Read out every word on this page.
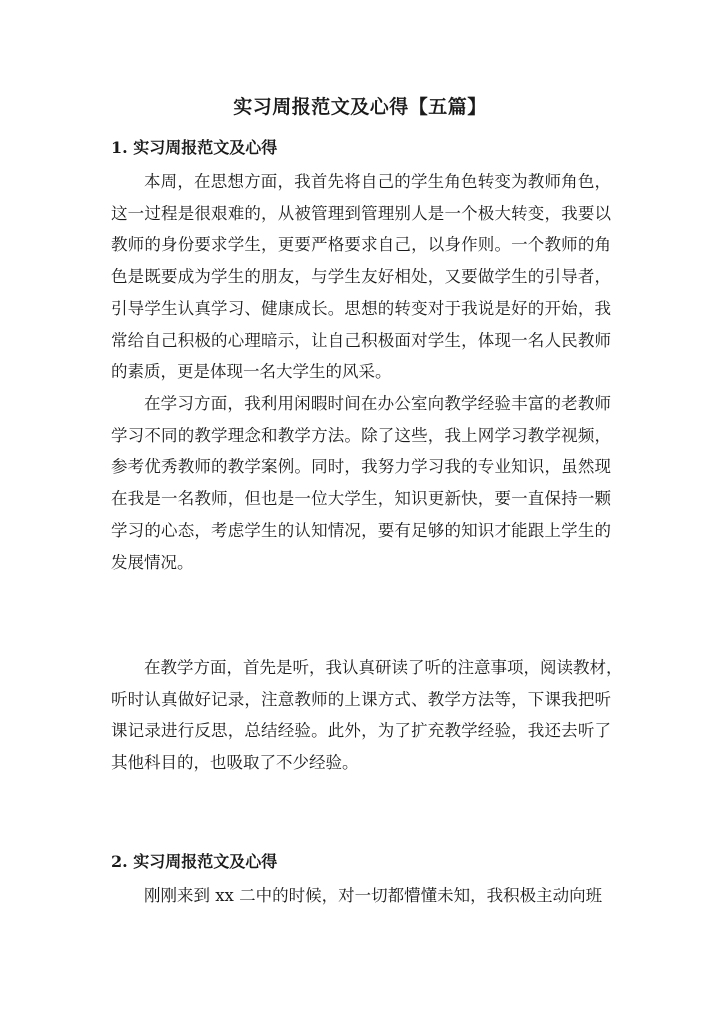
实习周报范文及心得【五篇】
1. 实习周报范文及心得
本周，在思想方面，我首先将自己的学生角色转变为教师角色，
这一过程是很艰难的，从被管理到管理别人是一个极大转变，我要以
教师的身份要求学生，更要严格要求自己，以身作则。一个教师的角
色是既要成为学生的朋友，与学生友好相处，又要做学生的引导者，
引导学生认真学习、健康成长。思想的转变对于我说是好的开始，我
常给自己积极的心理暗示，让自己积极面对学生，体现一名人民教师
的素质，更是体现一名大学生的风采。
在学习方面，我利用闲暇时间在办公室向教学经验丰富的老教师
学习不同的教学理念和教学方法。除了这些，我上网学习教学视频，
参考优秀教师的教学案例。同时，我努力学习我的专业知识，虽然现
在我是一名教师，但也是一位大学生，知识更新快，要一直保持一颗
学习的心态，考虑学生的认知情况，要有足够的知识才能跟上学生的
发展情况。
在教学方面，首先是听，我认真研读了听的注意事项，阅读教材，
听时认真做好记录，注意教师的上课方式、教学方法等，下课我把听
课记录进行反思，总结经验。此外，为了扩充教学经验，我还去听了
其他科目的，也吸取了不少经验。
2. 实习周报范文及心得
刚刚来到 xx 二中的时候，对一切都懵懂未知，我积极主动向班
